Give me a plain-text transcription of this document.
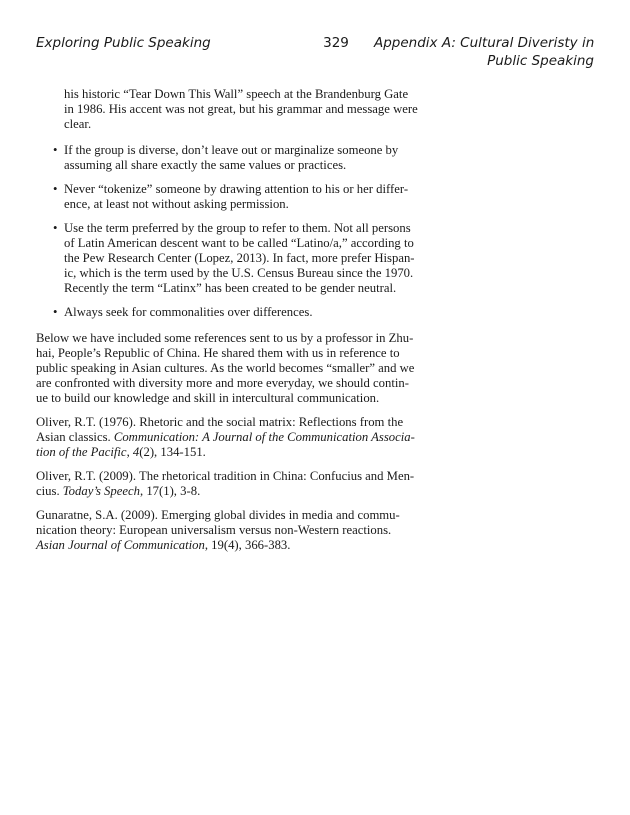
Exploring Public Speaking	329	Appendix A: Cultural Diveristy in
Public Speaking

his historic “Tear Down This Wall” speech at the Brandenburg Gate
in 1986. His accent was not great, but his grammar and message were
clear.

• If the group is diverse, don’t leave out or marginalize someone by
assuming all share exactly the same values or practices.
• Never “tokenize” someone by drawing attention to his or her differ-
ence, at least not without asking permission.
• Use the term preferred by the group to refer to them. Not all persons
of Latin American descent want to be called “Latino/a,” according to
the Pew Research Center (Lopez, 2013). In fact, more prefer Hispan-
ic, which is the term used by the U.S. Census Bureau since the 1970.
Recently the term “Latinx” has been created to be gender neutral.
• Always seek for commonalities over differences.

Below we have included some references sent to us by a professor in Zhu-
hai, People’s Republic of China. He shared them with us in reference to
public speaking in Asian cultures. As the world becomes “smaller” and we
are confronted with diversity more and more everyday, we should contin-
ue to build our knowledge and skill in intercultural communication.

Oliver, R.T. (1976). Rhetoric and the social matrix: Reflections from the
Asian classics. Communication: A Journal of the Communication Associa-
tion of the Pacific, 4(2), 134-151.

Oliver, R.T. (2009). The rhetorical tradition in China: Confucius and Men-
cius. Today’s Speech, 17(1), 3-8.

Gunaratne, S.A. (2009). Emerging global divides in media and commu-
nication theory: European universalism versus non-Western reactions.
Asian Journal of Communication, 19(4), 366-383.
